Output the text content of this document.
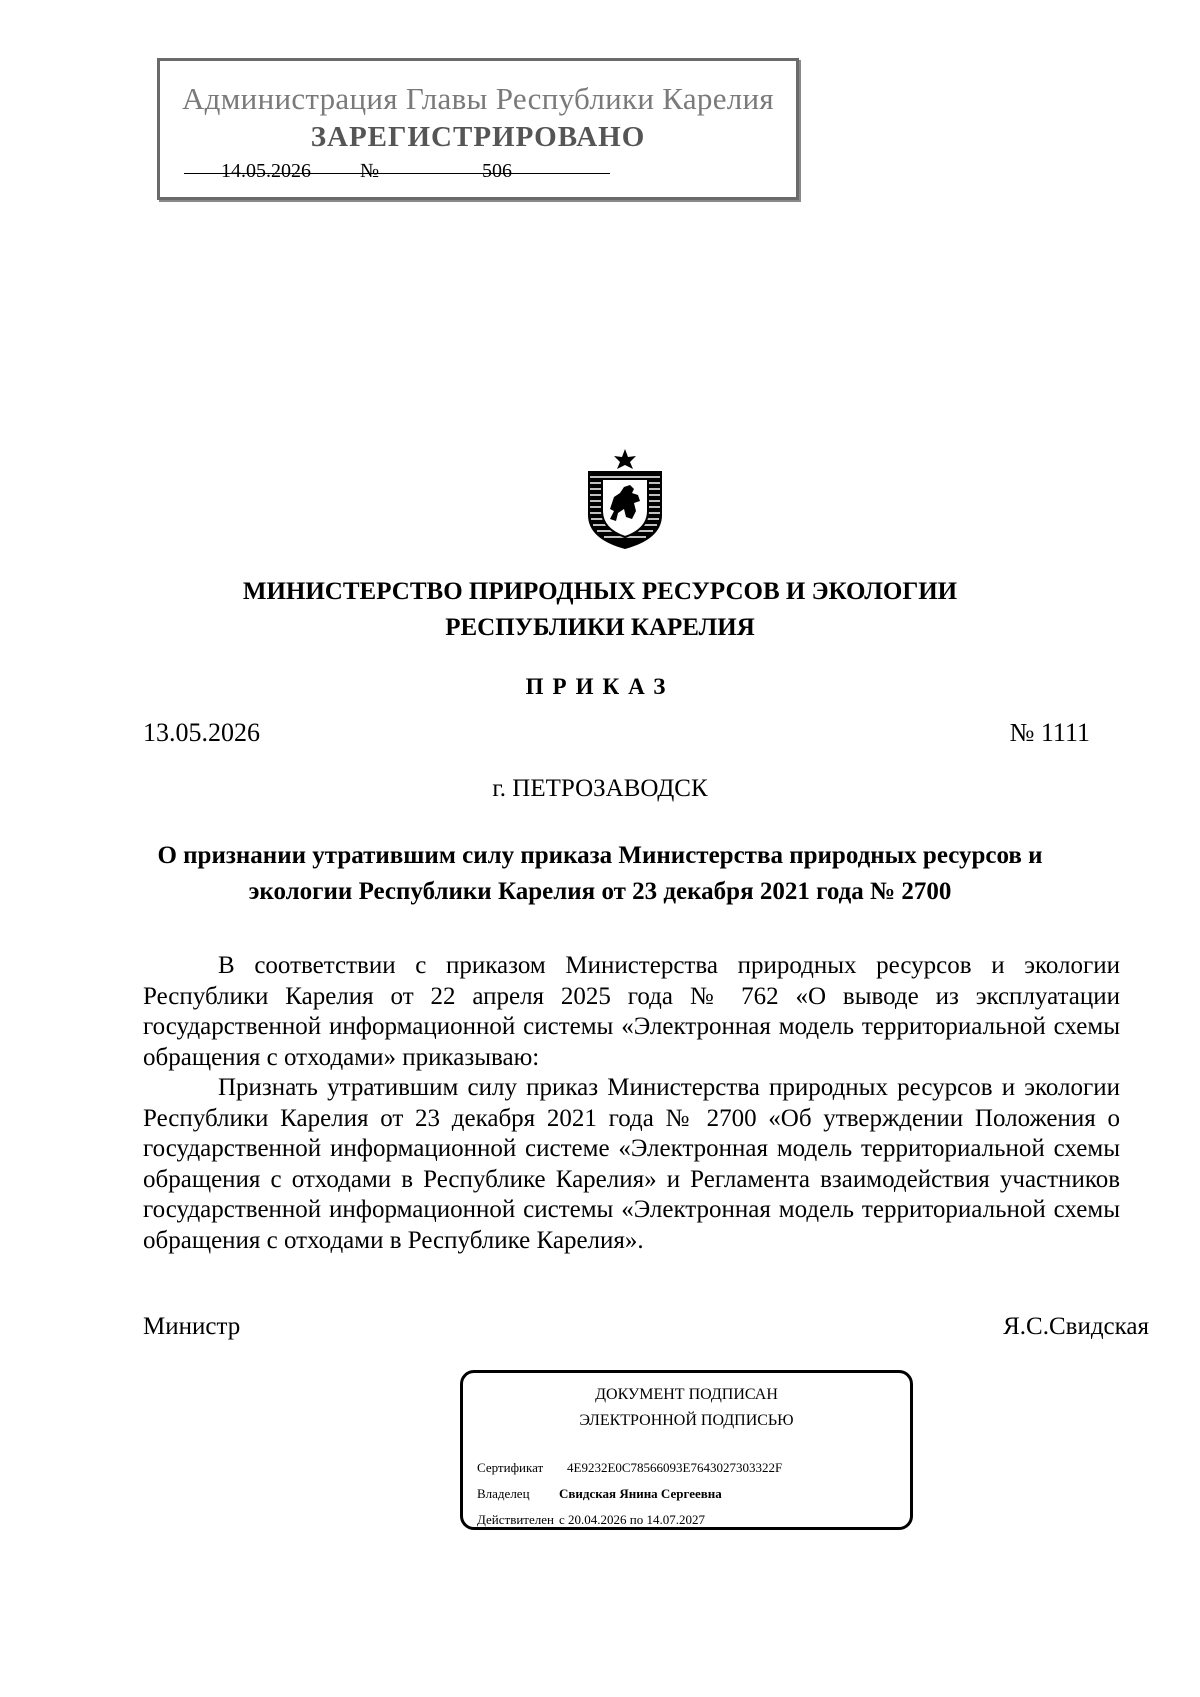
Администрация Главы Республики Карелия
ЗАРЕГИСТРИРОВАНО
14.05.2026 №	506
МИНИСТЕРСТВО ПРИРОДНЫХ РЕСУРСОВ И ЭКОЛОГИИ
РЕСПУБЛИКИ КАРЕЛИЯ
ПРИКАЗ
13.05.2026	№ 1111
г. ПЕТРОЗАВОДСК
О признании утратившим силу приказа Министерства природных ресурсов и
экологии Республики Карелия от 23 декабря 2021 года № 2700
В соответствии с приказом Министерства природных ресурсов и экологии Республики Карелия от 22 апреля 2025 года № 762 «О выводе из эксплуатации государственной информационной системы «Электронная модель территориальной схемы обращения с отходами» приказываю:
Признать утратившим силу приказ Министерства природных ресурсов и экологии Республики Карелия от 23 декабря 2021 года № 2700 «Об утверждении Положения о государственной информационной системе «Электронная модель территориальной схемы обращения с отходами в Республике Карелия» и Регламента взаимодействия участников государственной информационной системы «Электронная модель территориальной схемы обращения с отходами в Республике Карелия».
Министр	Я.С.Свидская
ДОКУМЕНТ ПОДПИСАН
ЭЛЕКТРОННОЙ ПОДПИСЬЮ
Сертификат 4E9232E0C78566093E7643027303322F
Владелец Свидская Янина Сергеевна
Действителен с 20.04.2026 по 14.07.2027
